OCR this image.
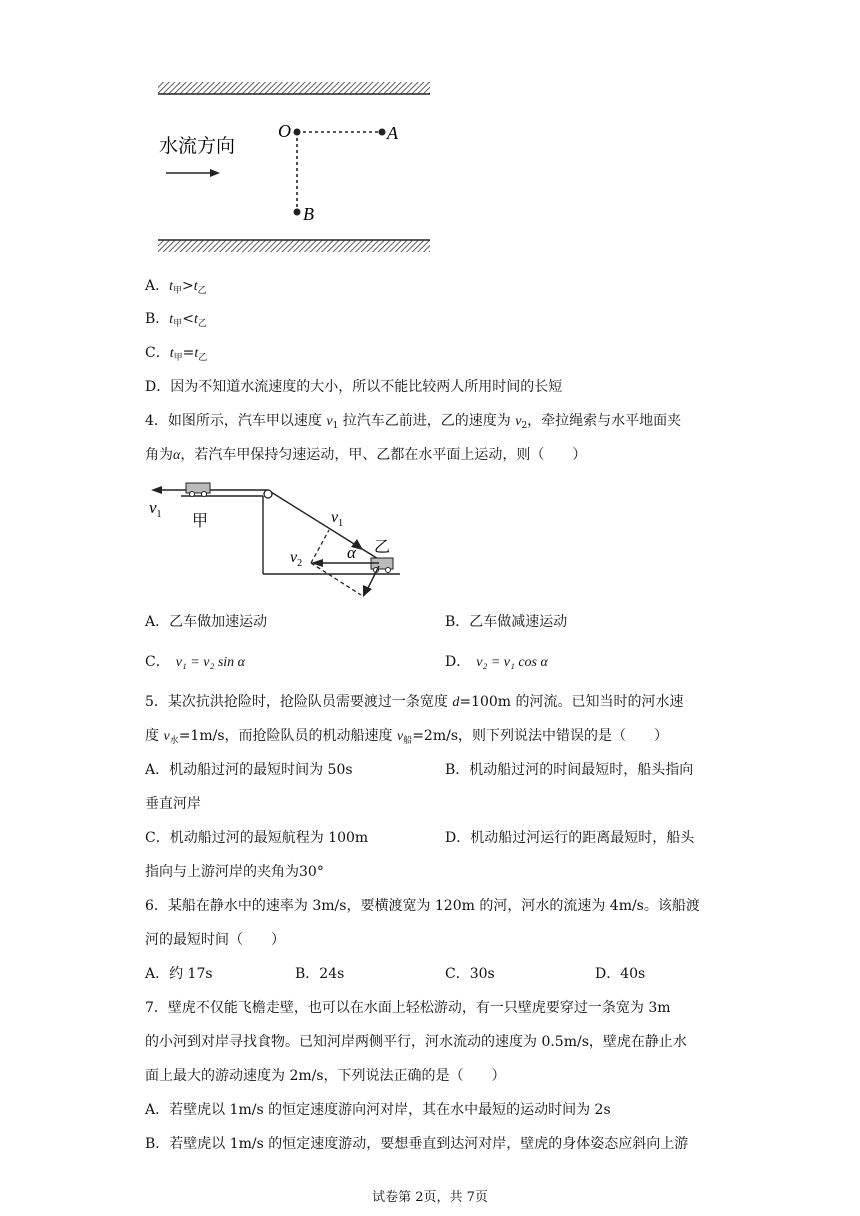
O	A
B
水流方向
A．$t_甲>t_乙$
B．$t_甲<t_乙$
C．$t_甲=t_乙$
D．因为不知道水流速度的大小，所以不能比较两人所用时间的长短
4．如图所示，汽车甲以速度 $v_1$ 拉汽车乙前进，乙的速度为 $v_2$，牵拉绳索与水平地面夹
角为α，若汽车甲保持匀速运动，甲、乙都在水平面上运动，则（　　）
$v_1$ 甲	$v_1$
α 乙
$v_2$
A．乙车做加速运动	B．乙车做减速运动
C． v₁ = v₂ sin α	D． v₂ = v₁ cos α
5．某次抗洪抢险时，抢险队员需要渡过一条宽度 d=100m 的河流。已知当时的河水速
度 $v_水=1m/s$，而抢险队员的机动船速度 $v_船=2m/s$，则下列说法中错误的是（　　）
A．机动船过河的最短时间为 50s	B．机动船过河的时间最短时，船头指向
垂直河岸
C．机动船过河的最短航程为 100m	D．机动船过河运行的距离最短时，船头
指向与上游河岸的夹角为30°
6．某船在静水中的速率为 3m/s，要横渡宽为 120m 的河，河水的流速为 4m/s。该船渡
河的最短时间（　　）
A．约 17s	B．24s	C．30s	D．40s
7．壁虎不仅能飞檐走壁，也可以在水面上轻松游动，有一只壁虎要穿过一条宽为 3m
的小河到对岸寻找食物。已知河岸两侧平行，河水流动的速度为 0.5m/s，壁虎在静止水
面上最大的游动速度为 2m/s，下列说法正确的是（　　）
A．若壁虎以 1m/s 的恒定速度游向河对岸，其在水中最短的运动时间为 2s
B．若壁虎以 1m/s 的恒定速度游动，要想垂直到达河对岸，壁虎的身体姿态应斜向上游
试卷第 2页，共 7页
